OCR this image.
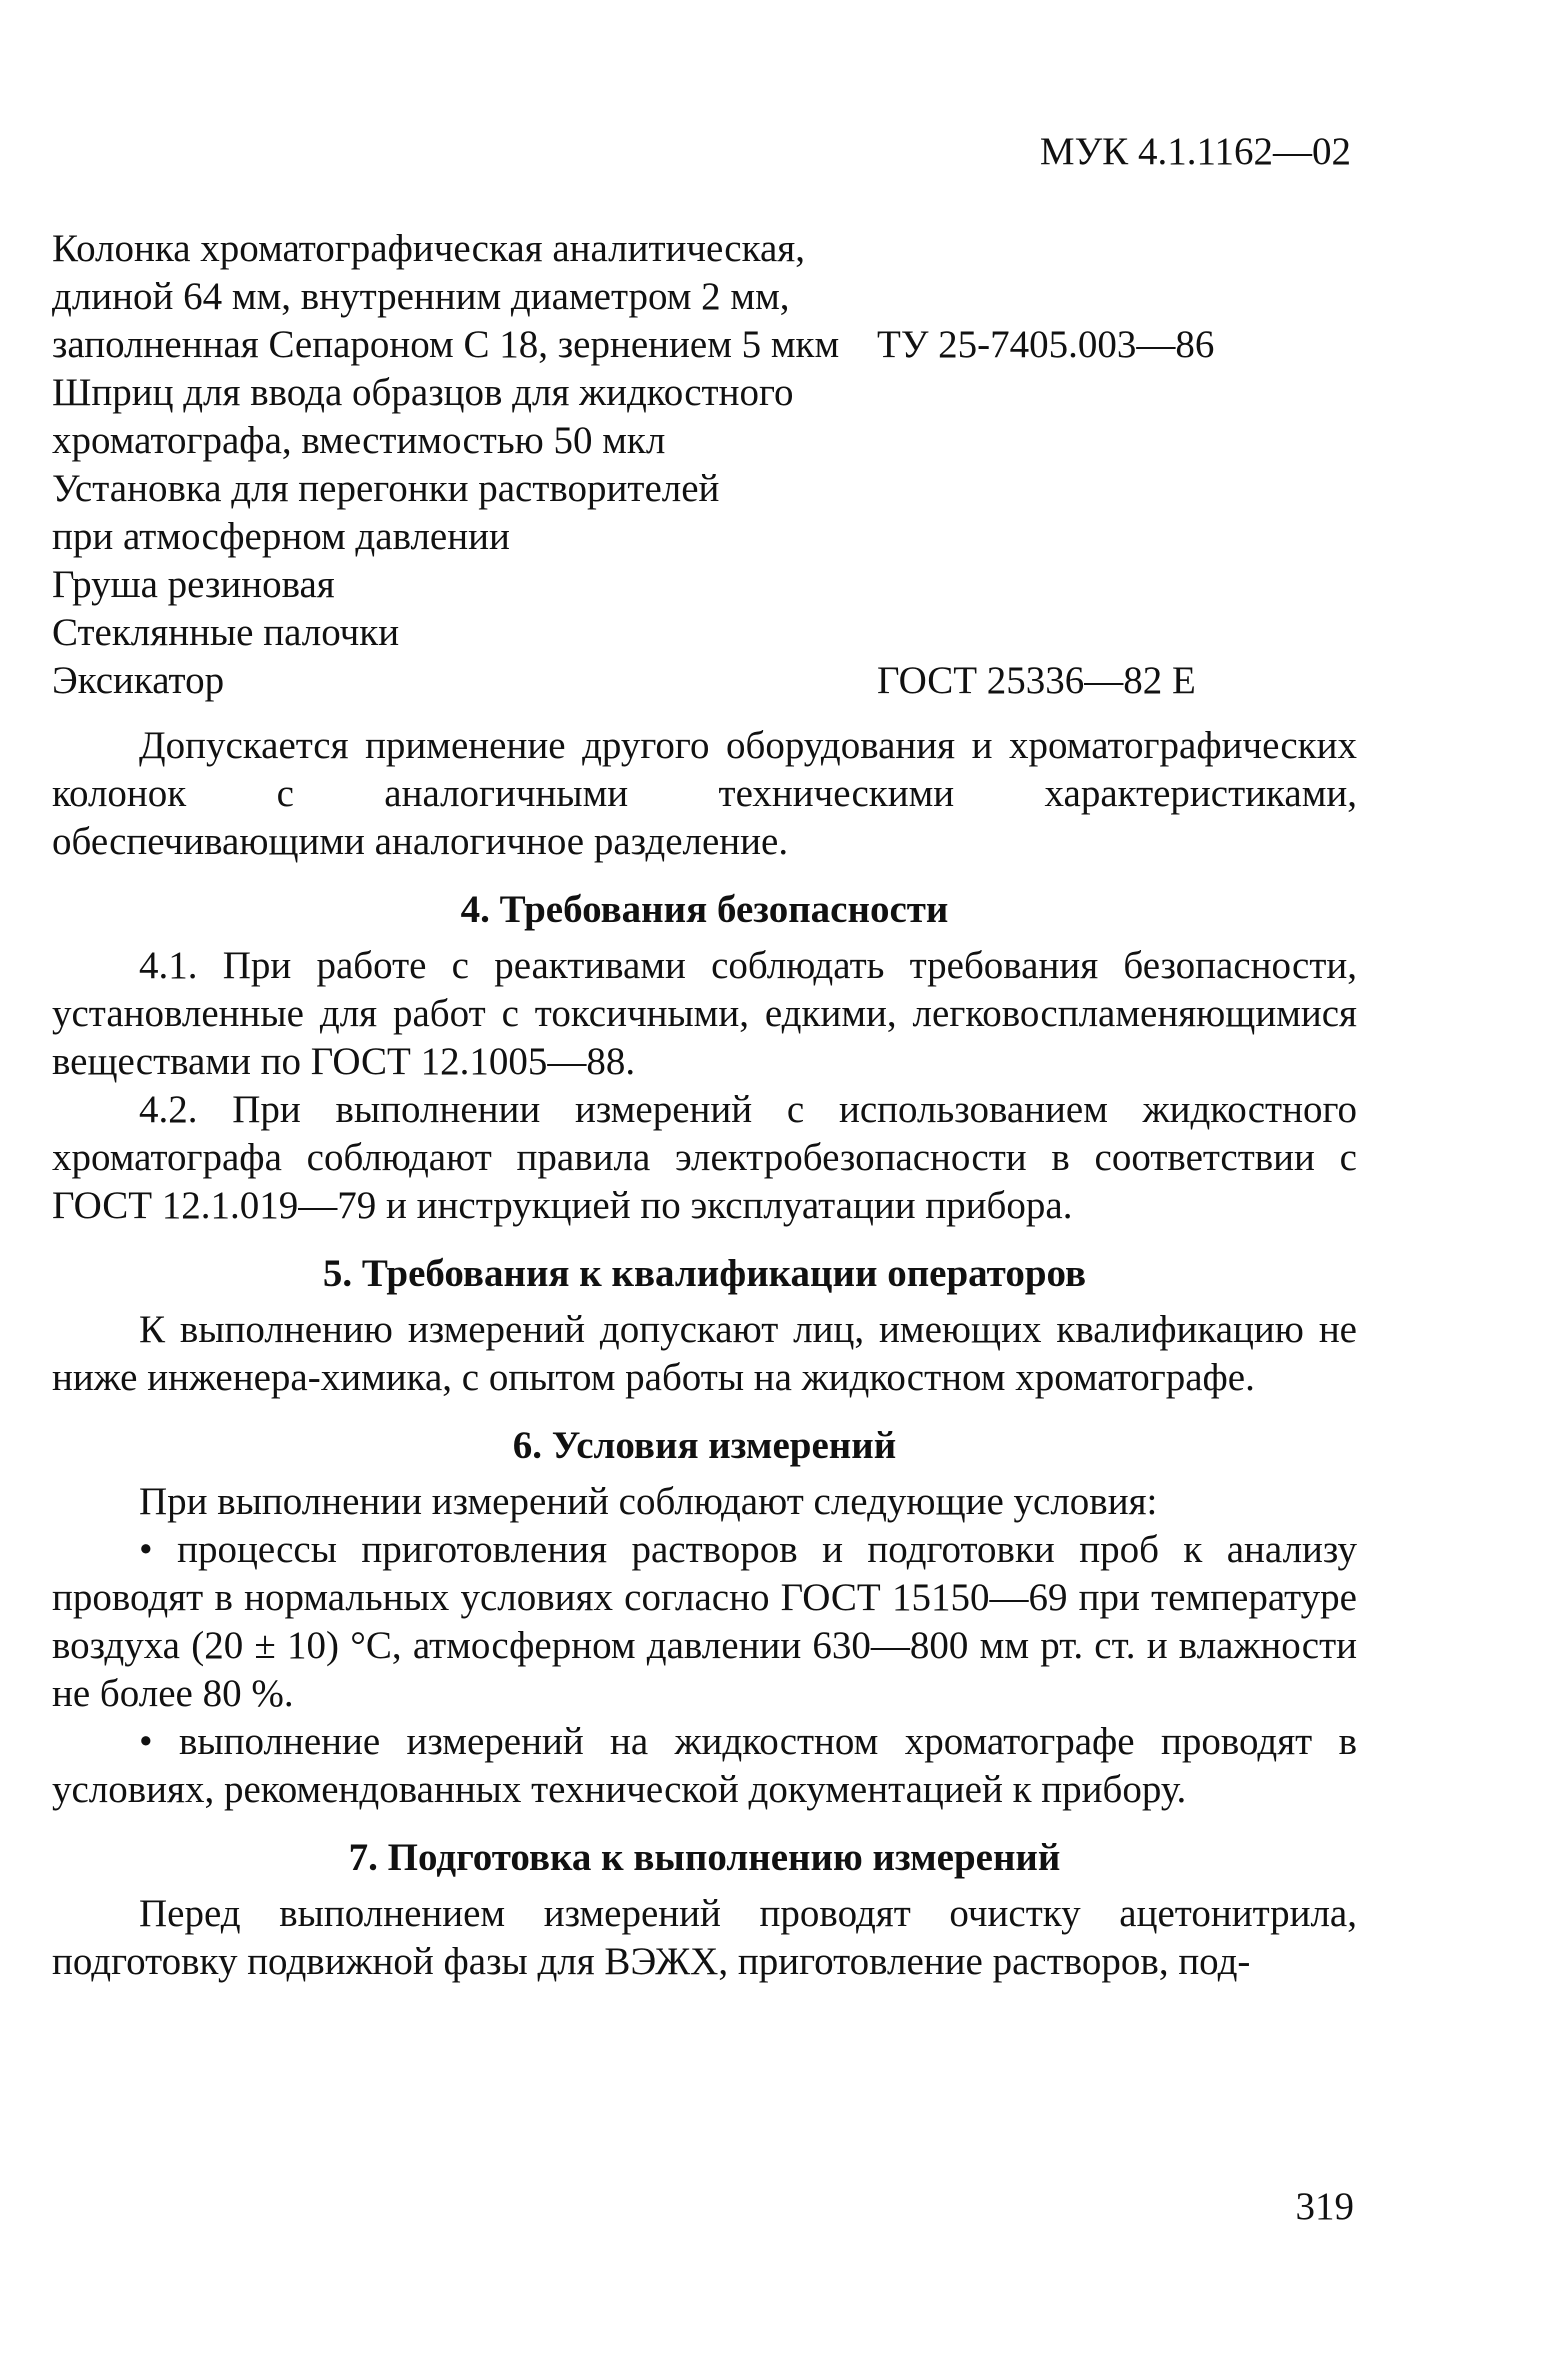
МУК 4.1.1162—02
Колонка хроматографическая аналитическая,
длиной 64 мм, внутренним диаметром 2 мм,
заполненная Сепароном С 18, зернением 5 мкм ТУ 25-7405.003—86
Шприц для ввода образцов для жидкостного
хроматографа, вместимостью 50 мкл
Установка для перегонки растворителей
при атмосферном давлении
Груша резиновая
Стеклянные палочки
Эксикатор	ГОСТ 25336—82 Е

Допускается применение другого оборудования и хроматографических колонок с аналогичными техническими характеристиками, обеспечивающими аналогичное разделение.

4. Требования безопасности

4.1. При работе с реактивами соблюдать требования безопасности, установленные для работ с токсичными, едкими, легковоспламеняющимися веществами по ГОСТ 12.1005—88.

4.2. При выполнении измерений с использованием жидкостного хроматографа соблюдают правила электробезопасности в соответствии с ГОСТ 12.1.019—79 и инструкцией по эксплуатации прибора.

5. Требования к квалификации операторов

К выполнению измерений допускают лиц, имеющих квалификацию не ниже инженера-химика, с опытом работы на жидкостном хроматографе.

6. Условия измерений

При выполнении измерений соблюдают следующие условия:

• процессы приготовления растворов и подготовки проб к анализу проводят в нормальных условиях согласно ГОСТ 15150—69 при температуре воздуха (20 ± 10) °С, атмосферном давлении 630—800 мм рт. ст. и влажности не более 80 %.

• выполнение измерений на жидкостном хроматографе проводят в условиях, рекомендованных технической документацией к прибору.

7. Подготовка к выполнению измерений

Перед выполнением измерений проводят очистку ацетонитрила, подготовку подвижной фазы для ВЭЖХ, приготовление растворов, под-

319
